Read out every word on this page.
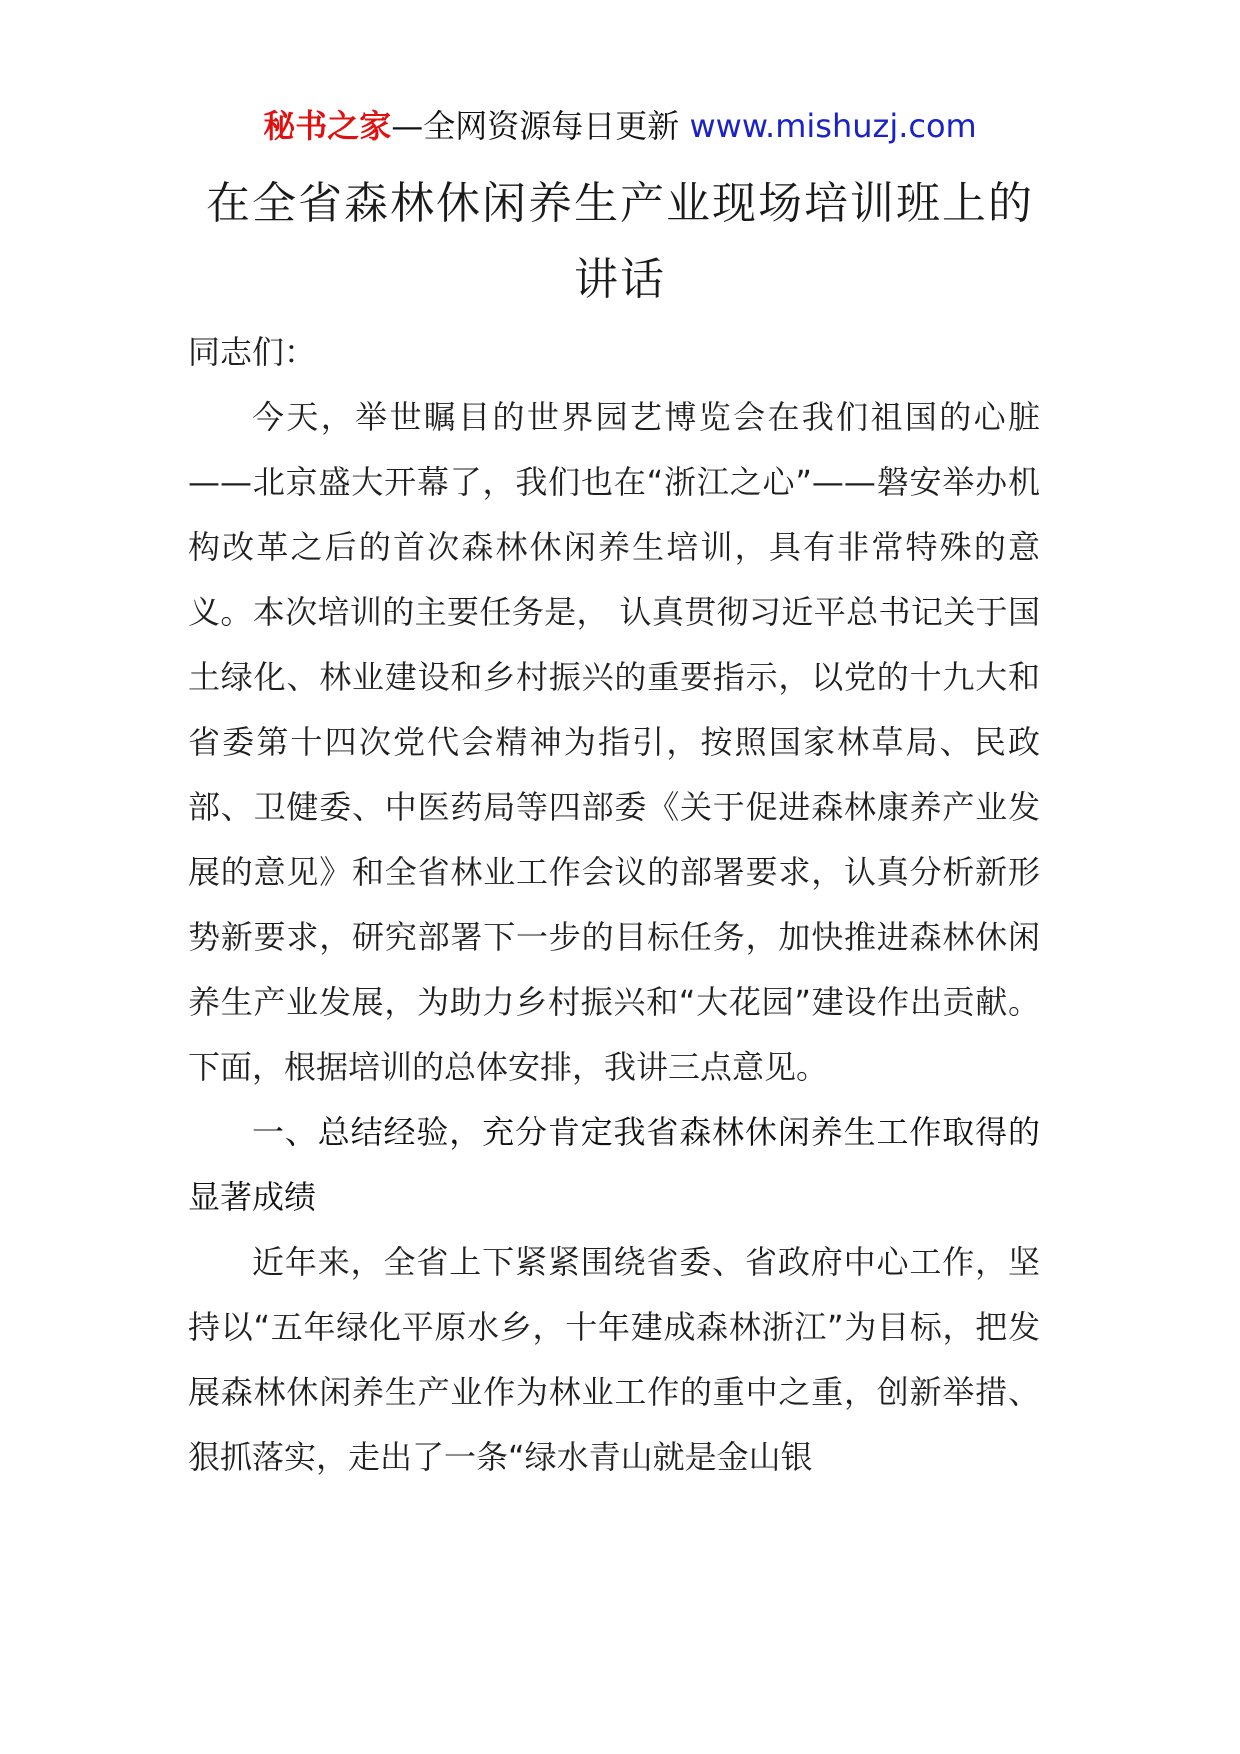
秘书之家—全网资源每日更新 www.mishuzj.com
在全省森林休闲养生产业现场培训班上的
讲话

同志们：

今天，举世瞩目的世界园艺博览会在我们祖国的心脏——北京盛大开幕了，我们也在“浙江之心”——磐安举办机构改革之后的首次森林休闲养生培训，具有非常特殊的意义。本次培训的主要任务是， 认真贯彻习近平总书记关于国土绿化、林业建设和乡村振兴的重要指示，以党的十九大和省委第十四次党代会精神为指引，按照国家林草局、民政部、卫健委、中医药局等四部委《关于促进森林康养产业发展的意见》和全省林业工作会议的部署要求，认真分析新形势新要求，研究部署下一步的目标任务，加快推进森林休闲养生产业发展，为助力乡村振兴和“大花园”建设作出贡献。下面，根据培训的总体安排，我讲三点意见。

一、总结经验，充分肯定我省森林休闲养生工作取得的显著成绩

近年来，全省上下紧紧围绕省委、省政府中心工作，坚持以“五年绿化平原水乡，十年建成森林浙江”为目标，把发展森林休闲养生产业作为林业工作的重中之重，创新举措、狠抓落实，走出了一条“绿水青山就是金山银
